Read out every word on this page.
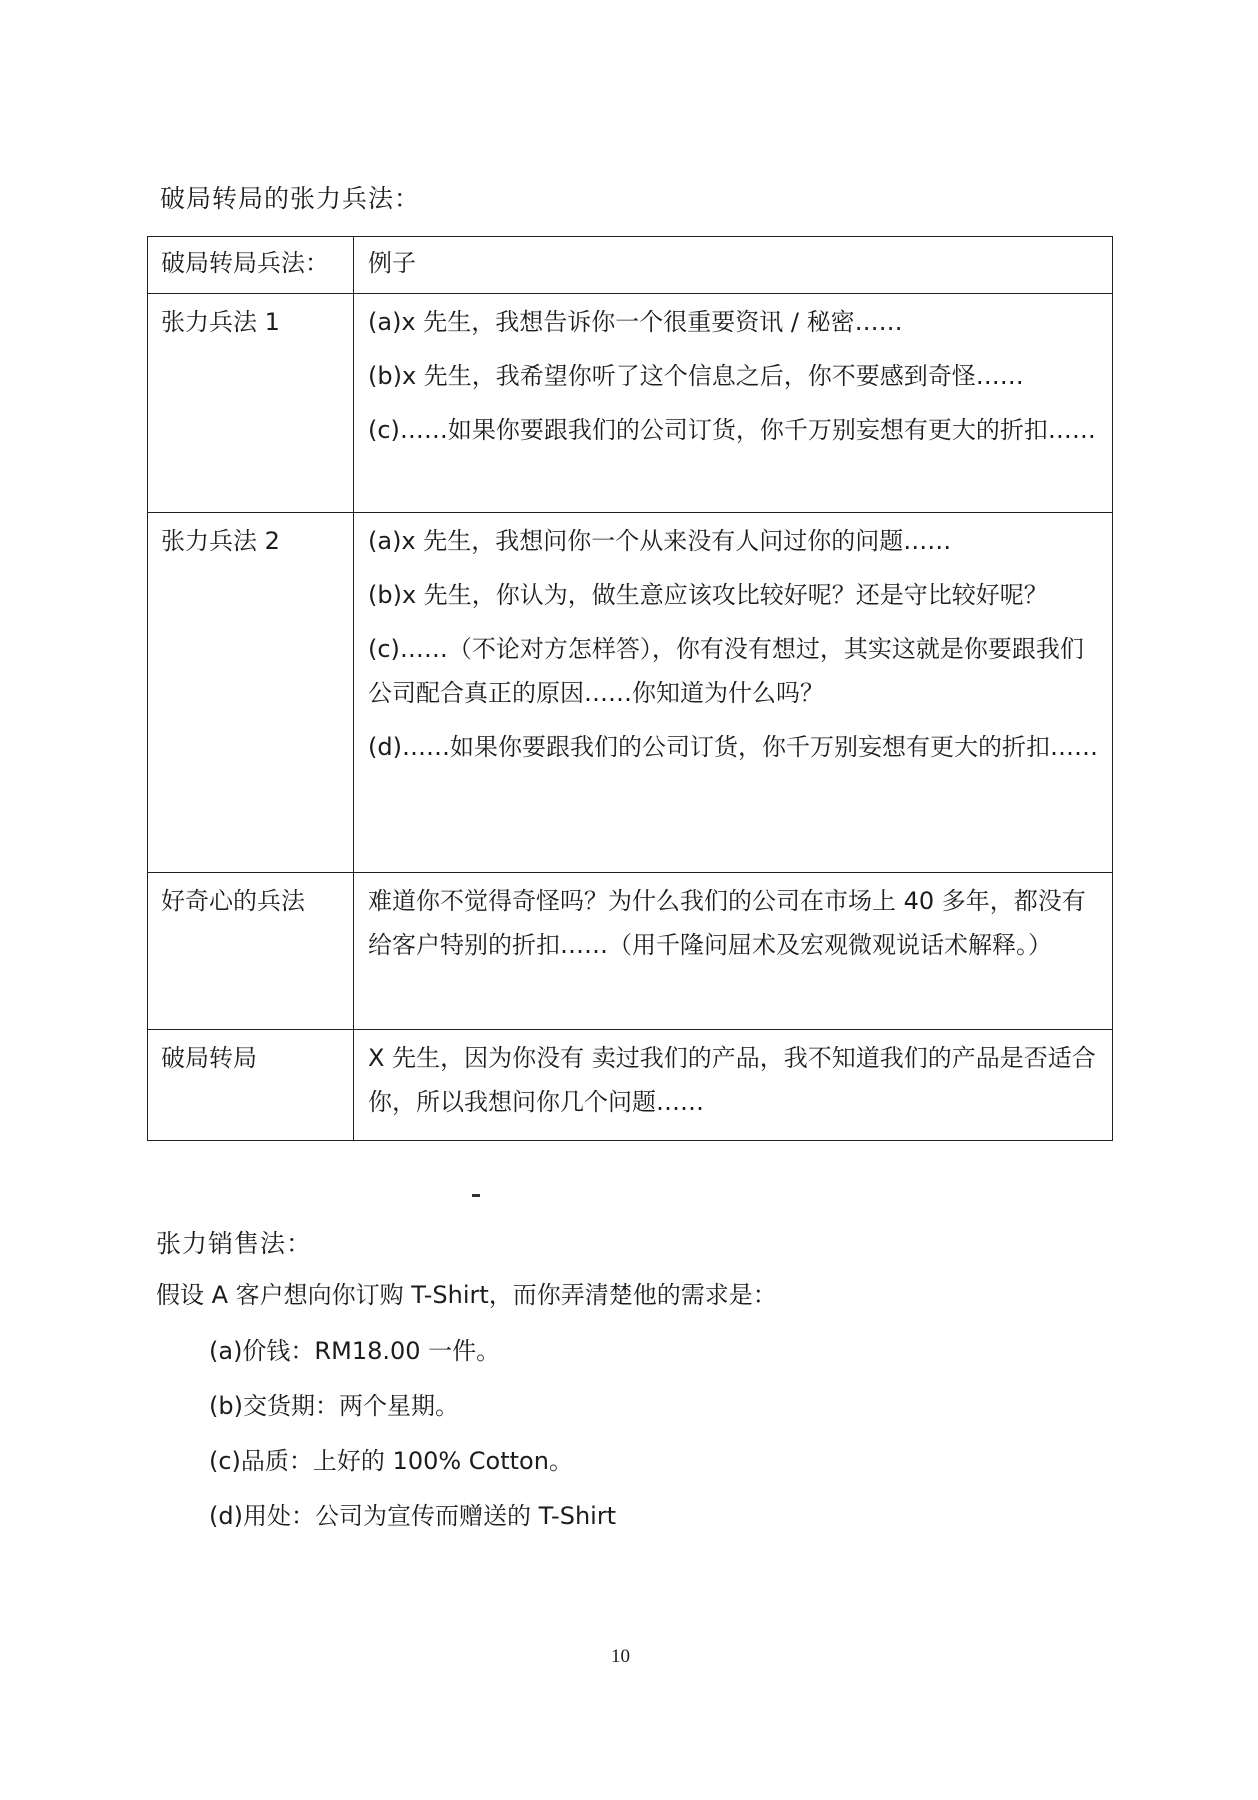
破局转局的张力兵法：
破局转局兵法：	例子
张力兵法 1	(a)x 先生，我想告诉你一个很重要资讯 / 秘密……

(b)x 先生，我希望你听了这个信息之后，你不要感到奇怪……

(c)……如果你要跟我们的公司订货，你千万别妄想有更大的折扣……

张力兵法 2	(a)x 先生，我想问你一个从来没有人问过你的问题……

(b)x 先生，你认为，做生意应该攻比较好呢？还是守比较好呢？

(c)……（不论对方怎样答），你有没有想过，其实这就是你要跟我们公司配合真正的原因……你知道为什么吗？

(d)……如果你要跟我们的公司订货，你千万别妄想有更大的折扣……

好奇心的兵法	难道你不觉得奇怪吗？为什么我们的公司在市场上 40 多年，都没有给客户特别的折扣……（用千隆问屈术及宏观微观说话术解释。）

破局转局	X 先生，因为你没有 卖过我们的产品，我不知道我们的产品是否适合你，所以我想问你几个问题……

张力销售法：

假设 A 客户想向你订购 T-Shirt，而你弄清楚他的需求是：

(a)价钱：RM18.00 一件。
(b)交货期：两个星期。
(c)品质：上好的 100% Cotton。
(d)用处：公司为宣传而赠送的 T-Shirt
10
